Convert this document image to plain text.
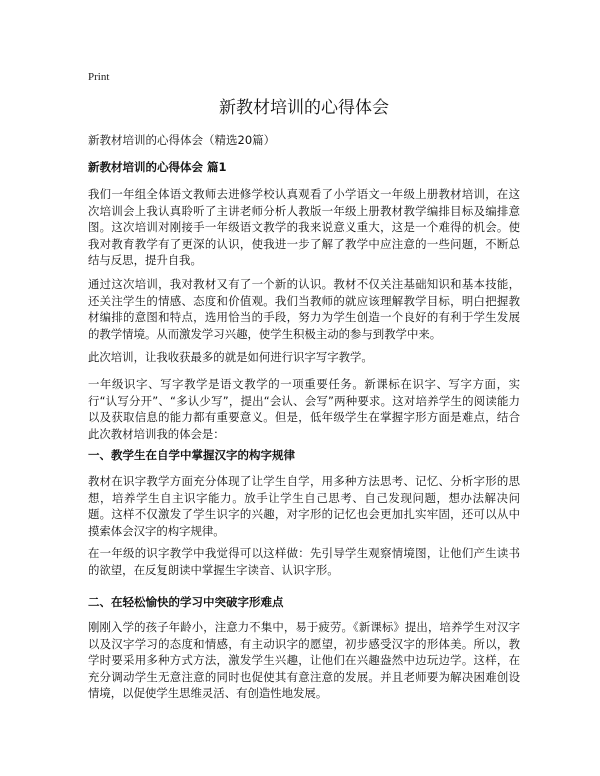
Print
新教材培训的心得体会
新教材培训的心得体会（精选20篇）
新教材培训的心得体会 篇1

我们一年组全体语文教师去进修学校认真观看了小学语文一年级上册教材培训，在这次培训会上我认真聆听了主讲老师分析人教版一年级上册教材教学编排目标及编排意图。这次培训对刚接手一年级语文教学的我来说意义重大，这是一个难得的机会。使我对教育教学有了更深的认识，使我进一步了解了教学中应注意的一些问题，不断总结与反思，提升自我。

通过这次培训，我对教材又有了一个新的认识。教材不仅关注基础知识和基本技能，还关注学生的情感、态度和价值观。我们当教师的就应该理解教学目标，明白把握教材编排的意图和特点，选用恰当的手段，努力为学生创造一个良好的有利于学生发展的教学情境。从而激发学习兴趣，使学生积极主动的参与到教学中来。

此次培训，让我收获最多的就是如何进行识字写字教学。

一年级识字、写字教学是语文教学的一项重要任务。新课标在识字、写字方面，实行“认写分开”、“多认少写”，提出“会认、会写”两种要求。这对培养学生的阅读能力以及获取信息的能力都有重要意义。但是，低年级学生在掌握字形方面是难点，结合此次教材培训我的体会是：

一、教学生在自学中掌握汉字的构字规律

教材在识字教学方面充分体现了让学生自学，用多种方法思考、记忆、分析字形的思想，培养学生自主识字能力。放手让学生自己思考、自己发现问题，想办法解决问题。这样不仅激发了学生识字的兴趣，对字形的记忆也会更加扎实牢固，还可以从中摸索体会汉字的构字规律。

在一年级的识字教学中我觉得可以这样做：先引导学生观察情境图，让他们产生读书的欲望，在反复朗读中掌握生字读音、认识字形。

二、在轻松愉快的学习中突破字形难点

刚刚入学的孩子年龄小，注意力不集中，易于疲劳。《新课标》提出，培养学生对汉字以及汉字学习的态度和情感，有主动识字的愿望，初步感受汉字的形体美。所以，教学时要采用多种方式方法，激发学生兴趣，让他们在兴趣盎然中边玩边学。这样，在充分调动学生无意注意的同时也促使其有意注意的发展。并且老师要为解决困难创设情境，以促使学生思维灵活、有创造性地发展。
